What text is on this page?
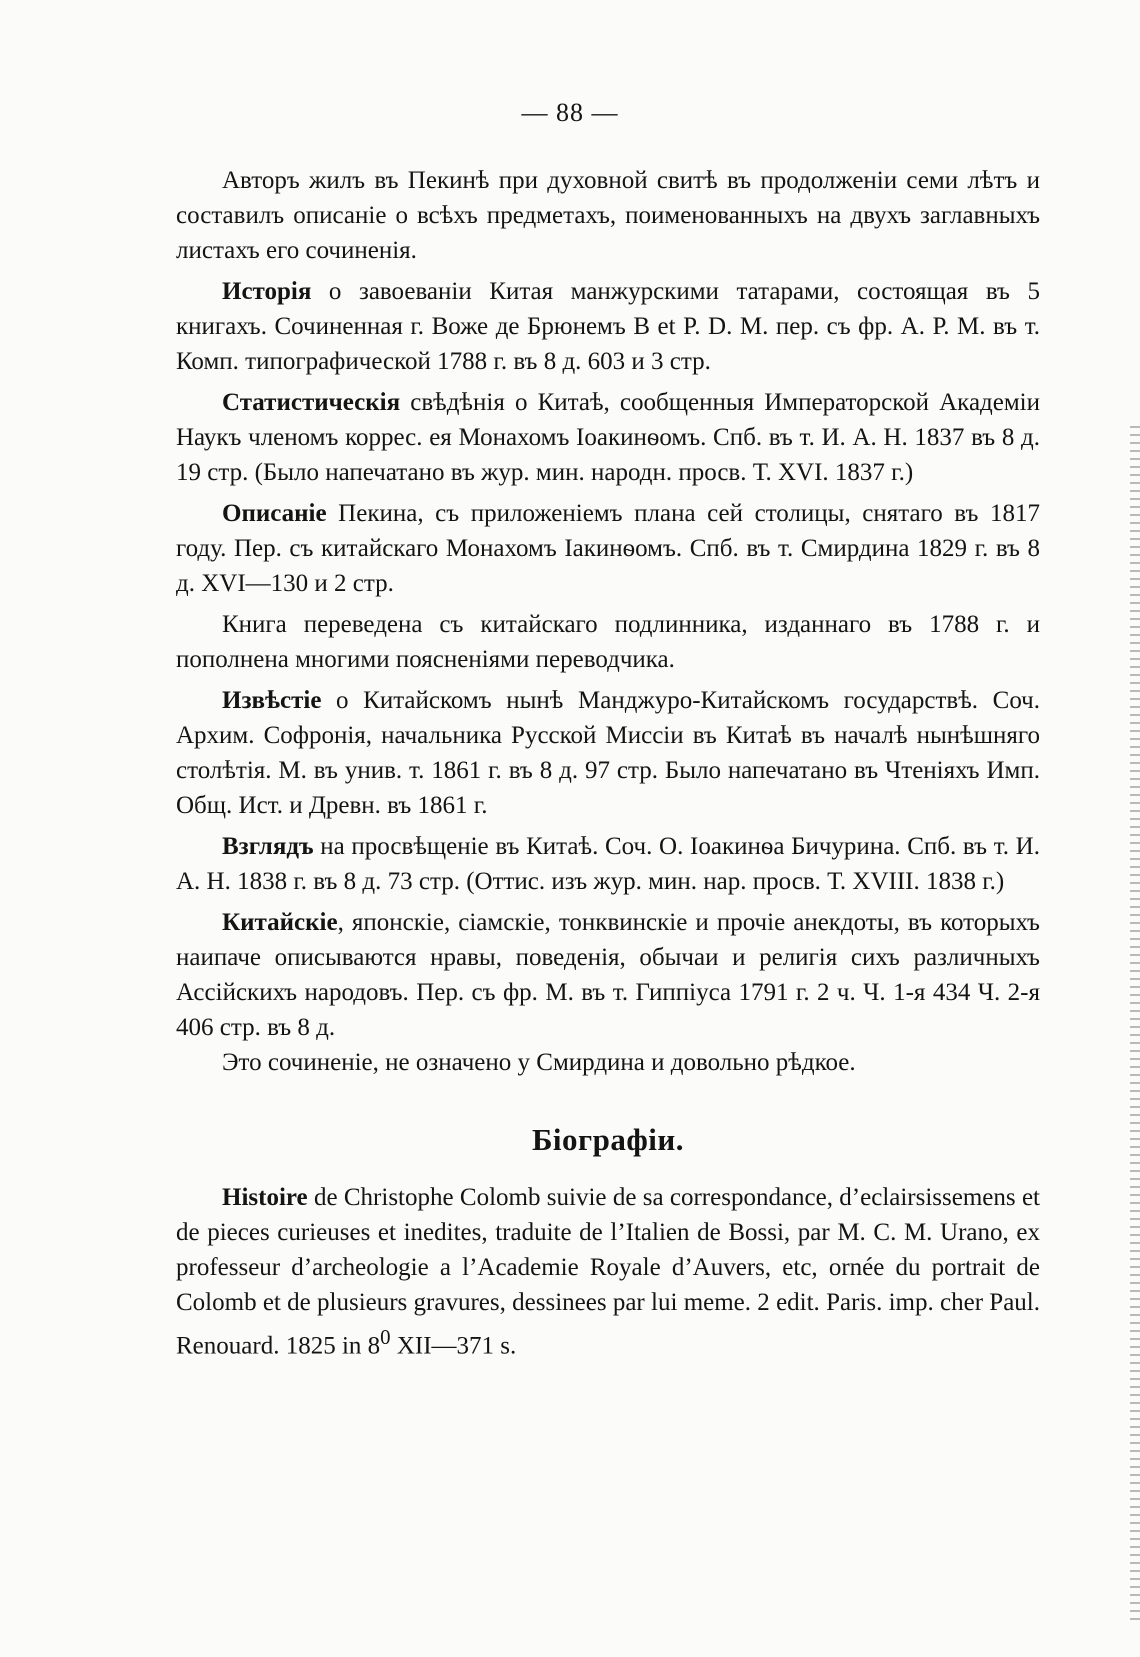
— 88 —

Авторъ жилъ въ Пекинѣ при духовной свитѣ въ продолженіи семи лѣтъ и составилъ описаніе о всѣхъ предметахъ, поименованныхъ на двухъ заглавныхъ листахъ его сочиненія.

Исторія о завоеваніи Китая манжурскими татарами, состоящая въ 5 книгахъ. Сочиненная г. Воже де Брюнемъ В et P. D. M. пер. съ фр. А. Р. М. въ т. Комп. типографической 1788 г. въ 8 д. 603 и 3 стр.

Статистическія свѣдѣнія о Китаѣ, сообщенныя Императорской Академіи Наукъ членомъ коррес. ея Монахомъ Іоакинѳомъ. Спб. въ т. И. А. Н. 1837 въ 8 д. 19 стр. (Было напечатано въ жур. мин. народн. просв. Т. XVI. 1837 г.)

Описаніе Пекина, съ приложеніемъ плана сей столицы, снятаго въ 1817 году. Пер. съ китайскаго Монахомъ Іакинѳомъ. Спб. въ т. Смирдина 1829 г. въ 8 д. XVI—130 и 2 стр.

Книга переведена съ китайскаго подлинника, изданнаго въ 1788 г. и пополнена многими поясненіями переводчика.

Извѣстіе о Китайскомъ нынѣ Манджуро-Китайскомъ государствѣ. Соч. Архим. Софронія, начальника Русской Миссіи въ Китаѣ въ началѣ нынѣшняго столѣтія. М. въ унив. т. 1861 г. въ 8 д. 97 стр. Было напечатано въ Чтеніяхъ Имп. Общ. Ист. и Древн. въ 1861 г.

Взглядъ на просвѣщеніе въ Китаѣ. Соч. О. Іоакинѳа Бичурина. Спб. въ т. И. А. Н. 1838 г. въ 8 д. 73 стр. (Оттис. изъ жур. мин. нар. просв. Т. XVIII. 1838 г.)

Китайскіе, японскіе, сіамскіе, тонквинскіе и прочіе анекдоты, въ которыхъ наипаче описываются нравы, поведенія, обычаи и религія сихъ различныхъ Ассійскихъ народовъ. Пер. съ фр. М. въ т. Гиппіуса 1791 г. 2 ч. Ч. 1-я 434 Ч. 2-я 406 стр. въ 8 д.

Это сочиненіе, не означено у Смирдина и довольно рѣдкое.

Біографіи.

Histoire de Christophe Colomb suivie de sa correspondance, d’eclairsissemens et de pieces curieuses et inedites, traduite de l’Italien de Bossi, par M. C. M. Urano, ex professeur d’archeologie a l’Academie Royale d’Auvers, etc, ornée du portrait de Colomb et de plusieurs gravures, dessinees par lui meme. 2 edit. Paris. imp. cher Paul. Renouard. 1825 in $8^0$ XII—371 s.
